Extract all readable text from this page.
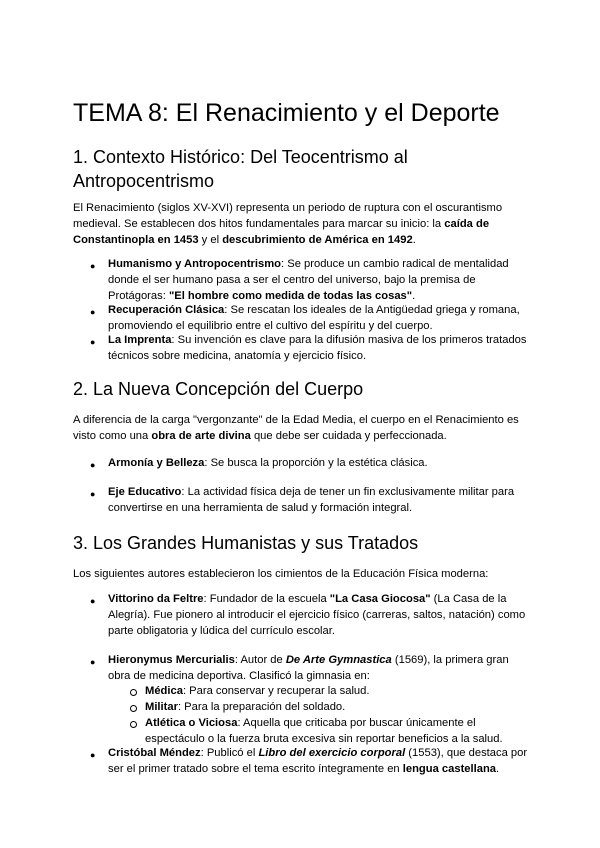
TEMA 8: El Renacimiento y el Deporte
1. Contexto Histórico: Del Teocentrismo al
Antropocentrismo
El Renacimiento (siglos XV-XVI) representa un periodo de ruptura con el oscurantismo
medieval. Se establecen dos hitos fundamentales para marcar su inicio: la caída de
Constantinopla en 1453 y el descubrimiento de América en 1492.
● Humanismo y Antropocentrismo: Se produce un cambio radical de mentalidad
donde el ser humano pasa a ser el centro del universo, bajo la premisa de
Protágoras: "El hombre como medida de todas las cosas".
● Recuperación Clásica: Se rescatan los ideales de la Antigüedad griega y romana,
promoviendo el equilibrio entre el cultivo del espíritu y del cuerpo.
● La Imprenta: Su invención es clave para la difusión masiva de los primeros tratados
técnicos sobre medicina, anatomía y ejercicio físico.
2. La Nueva Concepción del Cuerpo
A diferencia de la carga "vergonzante" de la Edad Media, el cuerpo en el Renacimiento es
visto como una obra de arte divina que debe ser cuidada y perfeccionada.
● Armonía y Belleza: Se busca la proporción y la estética clásica.
● Eje Educativo: La actividad física deja de tener un fin exclusivamente militar para
convertirse en una herramienta de salud y formación integral.
3. Los Grandes Humanistas y sus Tratados
Los siguientes autores establecieron los cimientos de la Educación Física moderna:
● Vittorino da Feltre: Fundador de la escuela "La Casa Giocosa" (La Casa de la
Alegría). Fue pionero al introducir el ejercicio físico (carreras, saltos, natación) como
parte obligatoria y lúdica del currículo escolar.
● Hieronymus Mercurialis: Autor de De Arte Gymnastica (1569), la primera gran
obra de medicina deportiva. Clasificó la gimnasia en:
Médica: Para conservar y recuperar la salud.
Militar: Para la preparación del soldado.
Atlética o Viciosa: Aquella que criticaba por buscar únicamente el
espectáculo o la fuerza bruta excesiva sin reportar beneficios a la salud.
● Cristóbal Méndez: Publicó el Libro del exercicio corporal (1553), que destaca por
ser el primer tratado sobre el tema escrito íntegramente en lengua castellana.
